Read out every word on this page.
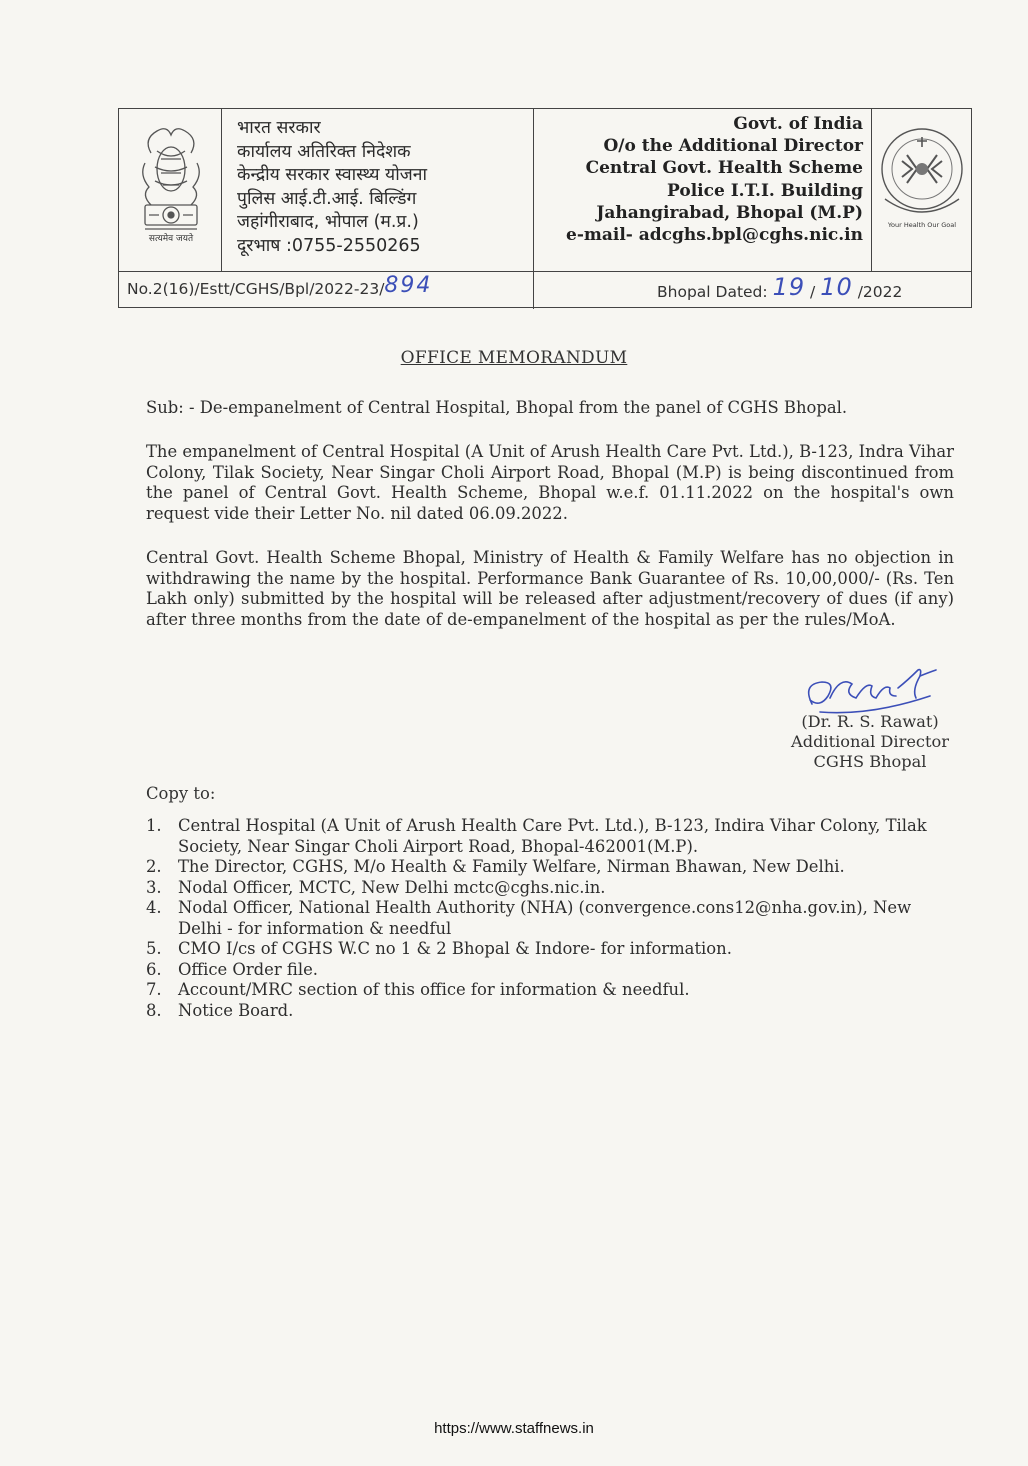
सत्यमेव जयते
भारत सरकार
कार्यालय अतिरिक्त निदेशक
केन्द्रीय सरकार स्वास्थ्य योजना
पुलिस आई.टी.आई. बिल्डिंग
जहांगीराबाद, भोपाल (म.प्र.)
दूरभाष :0755-2550265
Govt. of India
O/o the Additional Director
Central Govt. Health Scheme
Police I.T.I. Building
Jahangirabad, Bhopal (M.P)
e-mail- adcghs.bpl@cghs.nic.in
Your Health Our Goal
No.2(16)/Estt/CGHS/Bpl/2022-23/894	Bhopal Dated: 19 / 10 /2022
OFFICE MEMORANDUM
Sub: - De-empanelment of Central Hospital, Bhopal from the panel of CGHS Bhopal.
The empanelment of Central Hospital (A Unit of Arush Health Care Pvt. Ltd.), B-123, Indra Vihar Colony, Tilak Society, Near Singar Choli Airport Road, Bhopal (M.P) is being discontinued from the panel of Central Govt. Health Scheme, Bhopal w.e.f. 01.11.2022 on the hospital's own request vide their Letter No. nil dated 06.09.2022.
Central Govt. Health Scheme Bhopal, Ministry of Health & Family Welfare has no objection in withdrawing the name by the hospital. Performance Bank Guarantee of Rs. 10,00,000/- (Rs. Ten Lakh only) submitted by the hospital will be released after adjustment/recovery of dues (if any) after three months from the date of de-empanelment of the hospital as per the rules/MoA.
(Dr. R. S. Rawat)
Additional Director
CGHS Bhopal
Copy to:
1. Central Hospital (A Unit of Arush Health Care Pvt. Ltd.), B-123, Indira Vihar Colony, Tilak Society, Near Singar Choli Airport Road, Bhopal-462001(M.P).
2. The Director, CGHS, M/o Health & Family Welfare, Nirman Bhawan, New Delhi.
3. Nodal Officer, MCTC, New Delhi mctc@cghs.nic.in.
4. Nodal Officer, National Health Authority (NHA) (convergence.cons12@nha.gov.in), New Delhi - for information & needful
5. CMO I/cs of CGHS W.C no 1 & 2 Bhopal & Indore- for information.
6. Office Order file.
7. Account/MRC section of this office for information & needful.
8. Notice Board.
https://www.staffnews.in
